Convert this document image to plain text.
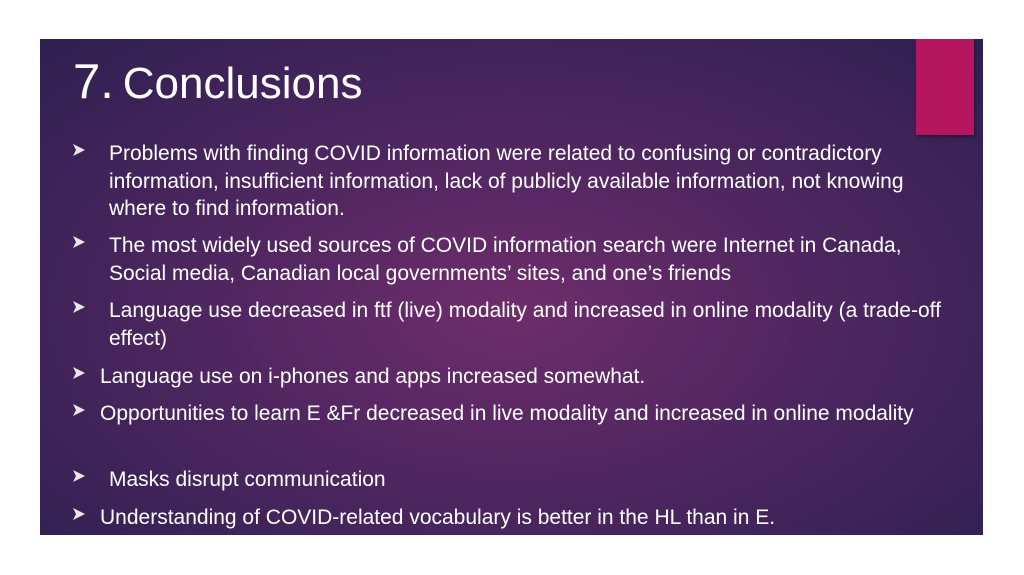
7. Conclusions
Problems with finding COVID information were related to confusing or contradictory information, insufficient information, lack of publicly available information, not knowing where to find information.
The most widely used sources of COVID information search were Internet in Canada, Social media, Canadian local governments’ sites, and one’s friends
Language use decreased in ftf (live) modality and increased in online modality (a trade-off effect)
Language use on i-phones and apps increased somewhat.
Opportunities to learn E &Fr decreased in live modality and increased in online modality
Masks disrupt communication
Understanding of COVID-related vocabulary is better in the HL than in E.
